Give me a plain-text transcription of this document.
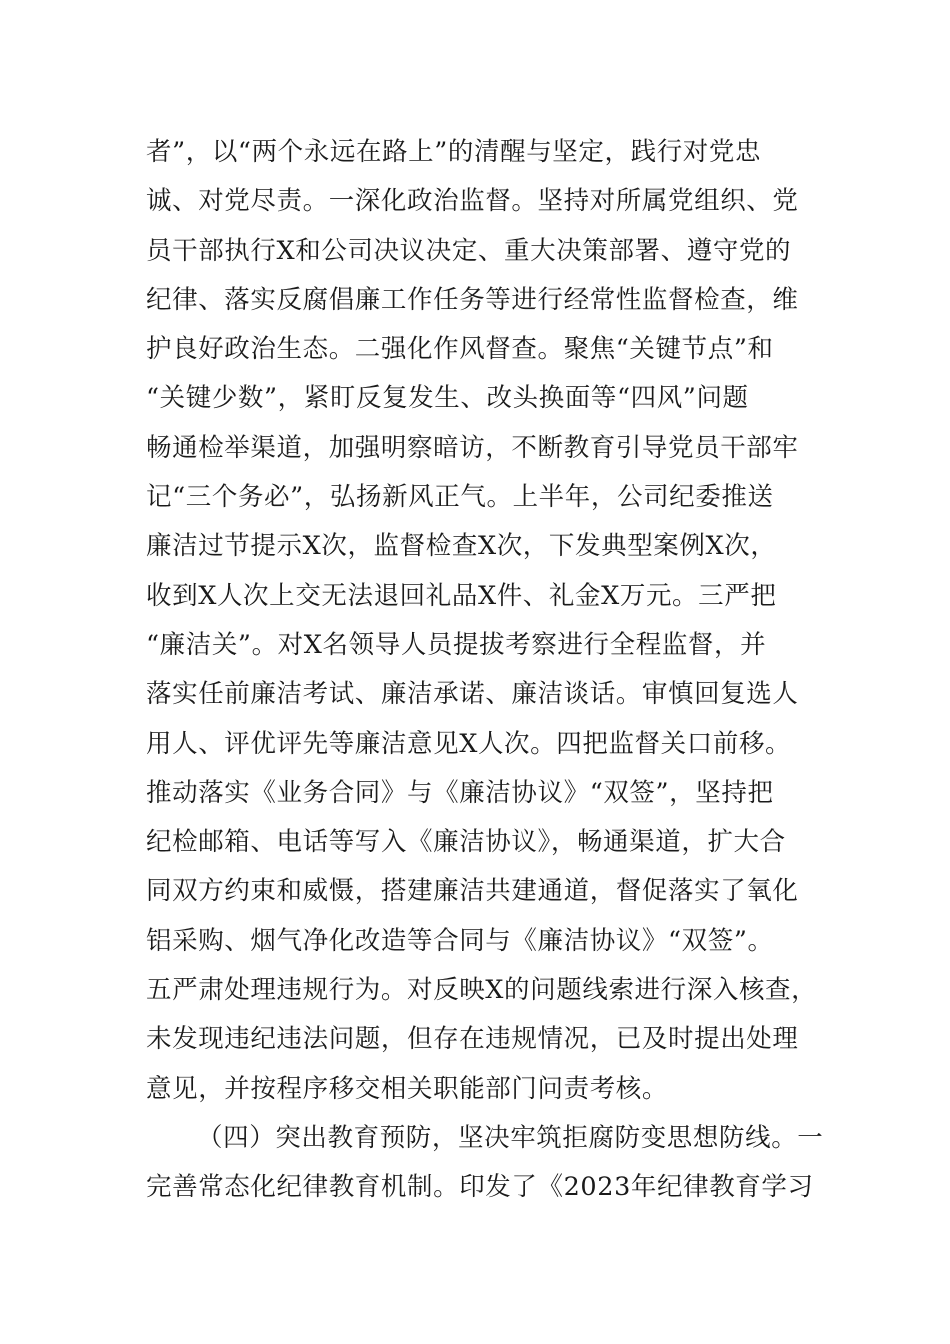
者”，以“两个永远在路上”的清醒与坚定，践行对党忠
诚、对党尽责。一深化政治监督。坚持对所属党组织、党
员干部执行X和公司决议决定、重大决策部署、遵守党的
纪律、落实反腐倡廉工作任务等进行经常性监督检查，维
护良好政治生态。二强化作风督查。聚焦“关键节点”和
“关键少数”，紧盯反复发生、改头换面等“四风”问题
畅通检举渠道，加强明察暗访，不断教育引导党员干部牢
记“三个务必”，弘扬新风正气。上半年，公司纪委推送
廉洁过节提示X次，监督检查X次，下发典型案例X次，
收到X人次上交无法退回礼品X件、礼金X万元。三严把
“廉洁关”。对X名领导人员提拔考察进行全程监督，并
落实任前廉洁考试、廉洁承诺、廉洁谈话。审慎回复选人
用人、评优评先等廉洁意见X人次。四把监督关口前移。
推动落实《业务合同》与《廉洁协议》“双签”，坚持把
纪检邮箱、电话等写入《廉洁协议》，畅通渠道，扩大合
同双方约束和威慑，搭建廉洁共建通道，督促落实了氧化
铝采购、烟气净化改造等合同与《廉洁协议》“双签”。
五严肃处理违规行为。对反映X的问题线索进行深入核查，
未发现违纪违法问题，但存在违规情况，已及时提出处理
意见，并按程序移交相关职能部门问责考核。
（四）突出教育预防，坚决牢筑拒腐防变思想防线。一
完善常态化纪律教育机制。印发了《2023年纪律教育学习
